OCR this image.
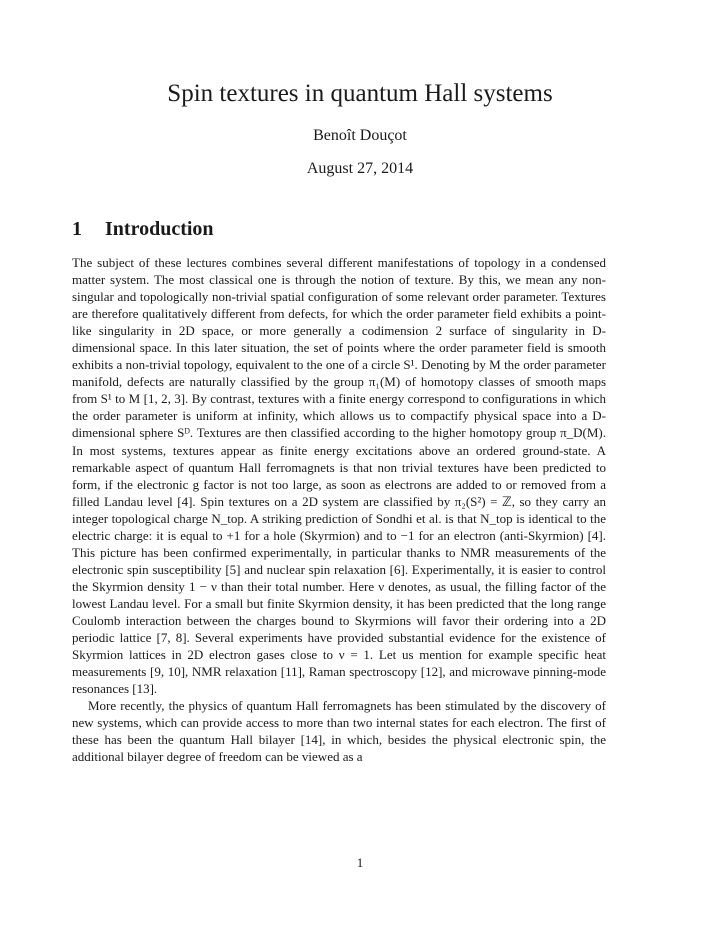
Spin textures in quantum Hall systems
Benoît Douçot
August 27, 2014
1 Introduction

The subject of these lectures combines several different manifestations of topology in a condensed matter system. The most classical one is through the notion of texture. By this, we mean any non-singular and topologically non-trivial spatial configuration of some relevant order parameter. Textures are therefore qualitatively different from defects, for which the order parameter field exhibits a point-like singularity in 2D space, or more generally a codimension 2 surface of singularity in D-dimensional space. In this later situation, the set of points where the order parameter field is smooth exhibits a non-trivial topology, equivalent to the one of a circle S¹. Denoting by M the order parameter manifold, defects are naturally classified by the group π₁(M) of homotopy classes of smooth maps from S¹ to M [1, 2, 3]. By contrast, textures with a finite energy correspond to configurations in which the order parameter is uniform at infinity, which allows us to compactify physical space into a D-dimensional sphere Sᴰ. Textures are then classified according to the higher homotopy group π_D(M). In most systems, textures appear as finite energy excitations above an ordered ground-state. A remarkable aspect of quantum Hall ferromagnets is that non trivial textures have been predicted to form, if the electronic g factor is not too large, as soon as electrons are added to or removed from a filled Landau level [4]. Spin textures on a 2D system are classified by π₂(S²) = ℤ, so they carry an integer topological charge N_top. A striking prediction of Sondhi et al. is that N_top is identical to the electric charge: it is equal to +1 for a hole (Skyrmion) and to −1 for an electron (anti-Skyrmion) [4]. This picture has been confirmed experimentally, in particular thanks to NMR measurements of the electronic spin susceptibility [5] and nuclear spin relaxation [6]. Experimentally, it is easier to control the Skyrmion density 1 − ν than their total number. Here ν denotes, as usual, the filling factor of the lowest Landau level. For a small but finite Skyrmion density, it has been predicted that the long range Coulomb interaction between the charges bound to Skyrmions will favor their ordering into a 2D periodic lattice [7, 8]. Several experiments have provided substantial evidence for the existence of Skyrmion lattices in 2D electron gases close to ν = 1. Let us mention for example specific heat measurements [9, 10], NMR relaxation [11], Raman spectroscopy [12], and microwave pinning-mode resonances [13].

More recently, the physics of quantum Hall ferromagnets has been stimulated by the discovery of new systems, which can provide access to more than two internal states for each electron. The first of these has been the quantum Hall bilayer [14], in which, besides the physical electronic spin, the additional bilayer degree of freedom can be viewed as a

1
